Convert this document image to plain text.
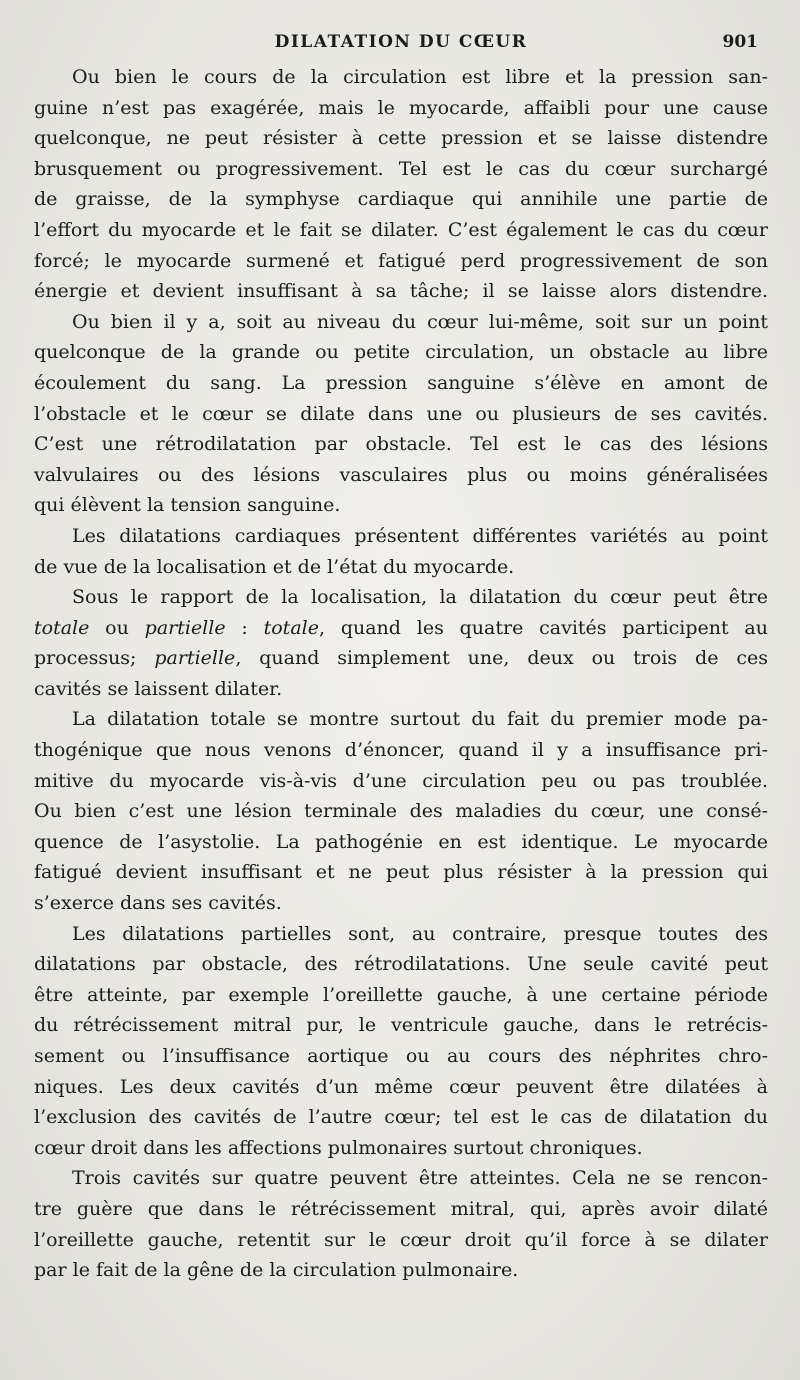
DILATATION DU CŒUR	901

Ou bien le cours de la circulation est libre et la pression san-
guine n’est pas exagérée, mais le myocarde, affaibli pour une cause
quelconque, ne peut résister à cette pression et se laisse distendre
brusquement ou progressivement. Tel est le cas du cœur surchargé
de graisse, de la symphyse cardiaque qui annihile une partie de
l’effort du myocarde et le fait se dilater. C’est également le cas du cœur
forcé; le myocarde surmené et fatigué perd progressivement de son
énergie et devient insuffisant à sa tâche; il se laisse alors distendre.

Ou bien il y a, soit au niveau du cœur lui-même, soit sur un point
quelconque de la grande ou petite circulation, un obstacle au libre
écoulement du sang. La pression sanguine s’élève en amont de
l’obstacle et le cœur se dilate dans une ou plusieurs de ses cavités.
C’est une rétrodilatation par obstacle. Tel est le cas des lésions
valvulaires ou des lésions vasculaires plus ou moins généralisées
qui élèvent la tension sanguine.

Les dilatations cardiaques présentent différentes variétés au point
de vue de la localisation et de l’état du myocarde.

Sous le rapport de la localisation, la dilatation du cœur peut être
totale ou partielle : totale, quand les quatre cavités participent au
processus; partielle, quand simplement une, deux ou trois de ces
cavités se laissent dilater.

La dilatation totale se montre surtout du fait du premier mode pa-
thogénique que nous venons d’énoncer, quand il y a insuffisance pri-
mitive du myocarde vis-à-vis d’une circulation peu ou pas troublée.
Ou bien c’est une lésion terminale des maladies du cœur, une consé-
quence de l’asystolie. La pathogénie en est identique. Le myocarde
fatigué devient insuffisant et ne peut plus résister à la pression qui
s’exerce dans ses cavités.

Les dilatations partielles sont, au contraire, presque toutes des
dilatations par obstacle, des rétrodilatations. Une seule cavité peut
être atteinte, par exemple l’oreillette gauche, à une certaine période
du rétrécissement mitral pur, le ventricule gauche, dans le retrécis-
sement ou l’insuffisance aortique ou au cours des néphrites chro-
niques. Les deux cavités d’un même cœur peuvent être dilatées à
l’exclusion des cavités de l’autre cœur; tel est le cas de dilatation du
cœur droit dans les affections pulmonaires surtout chroniques.

Trois cavités sur quatre peuvent être atteintes. Cela ne se rencon-
tre guère que dans le rétrécissement mitral, qui, après avoir dilaté
l’oreillette gauche, retentit sur le cœur droit qu’il force à se dilater
par le fait de la gêne de la circulation pulmonaire.
